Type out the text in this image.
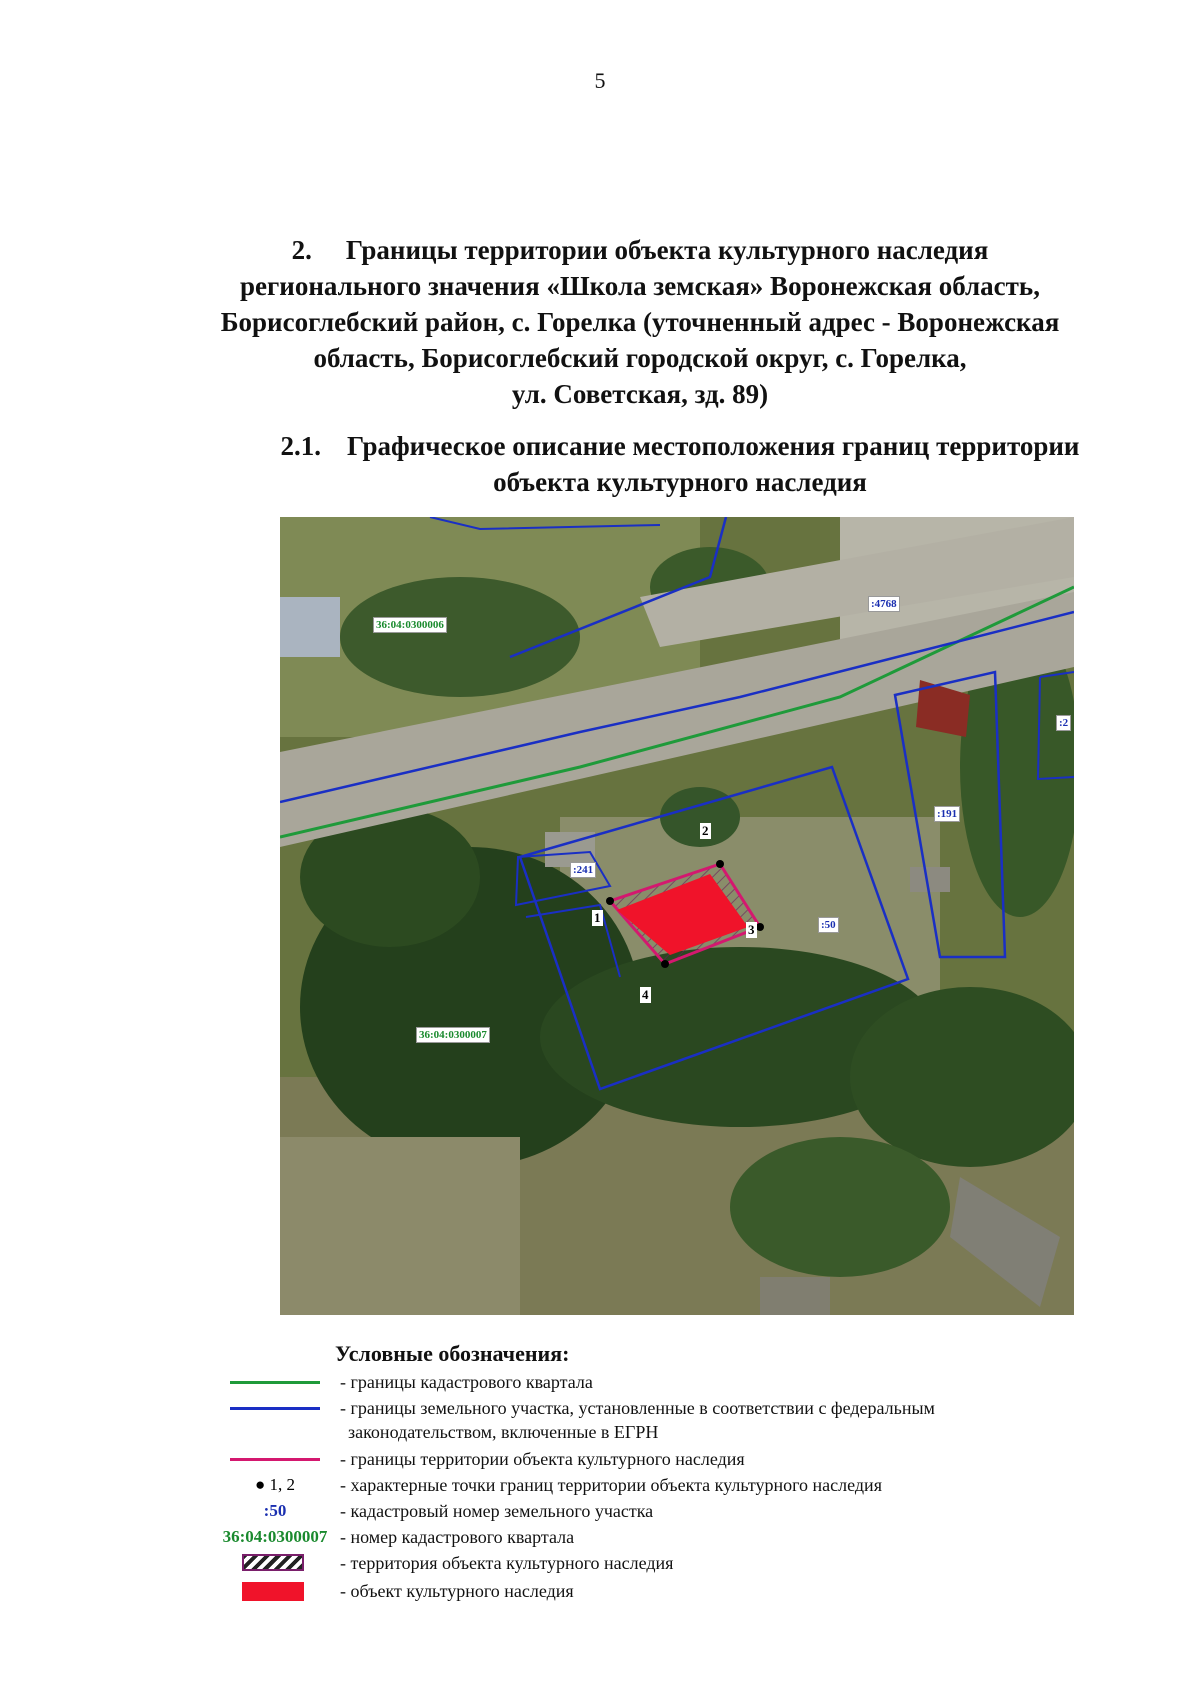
5
2. Границы территории объекта культурного наследия
регионального значения «Школа земская» Воронежская область,
Борисоглебский район, с. Горелка (уточненный адрес - Воронежская
область, Борисоглебский городской округ, с. Горелка,
ул. Советская, зд. 89)
2.1. Графическое описание местоположения границ территории
объекта культурного наследия
36:04:0300006
36:04:0300007
:4768
:2
:191
:241
:50
1
2
3
4
Условные обозначения:
- границы кадастрового квартала
- границы земельного участка, установленные в соответствии с федеральным
законодательством, включенные в ЕГРН
- границы территории объекта культурного наследия
● 1, 2	- характерные точки границ территории объекта культурного наследия
:50	- кадастровый номер земельного участка
36:04:0300007 - номер кадастрового квартала
- территория объекта культурного наследия
- объект культурного наследия
